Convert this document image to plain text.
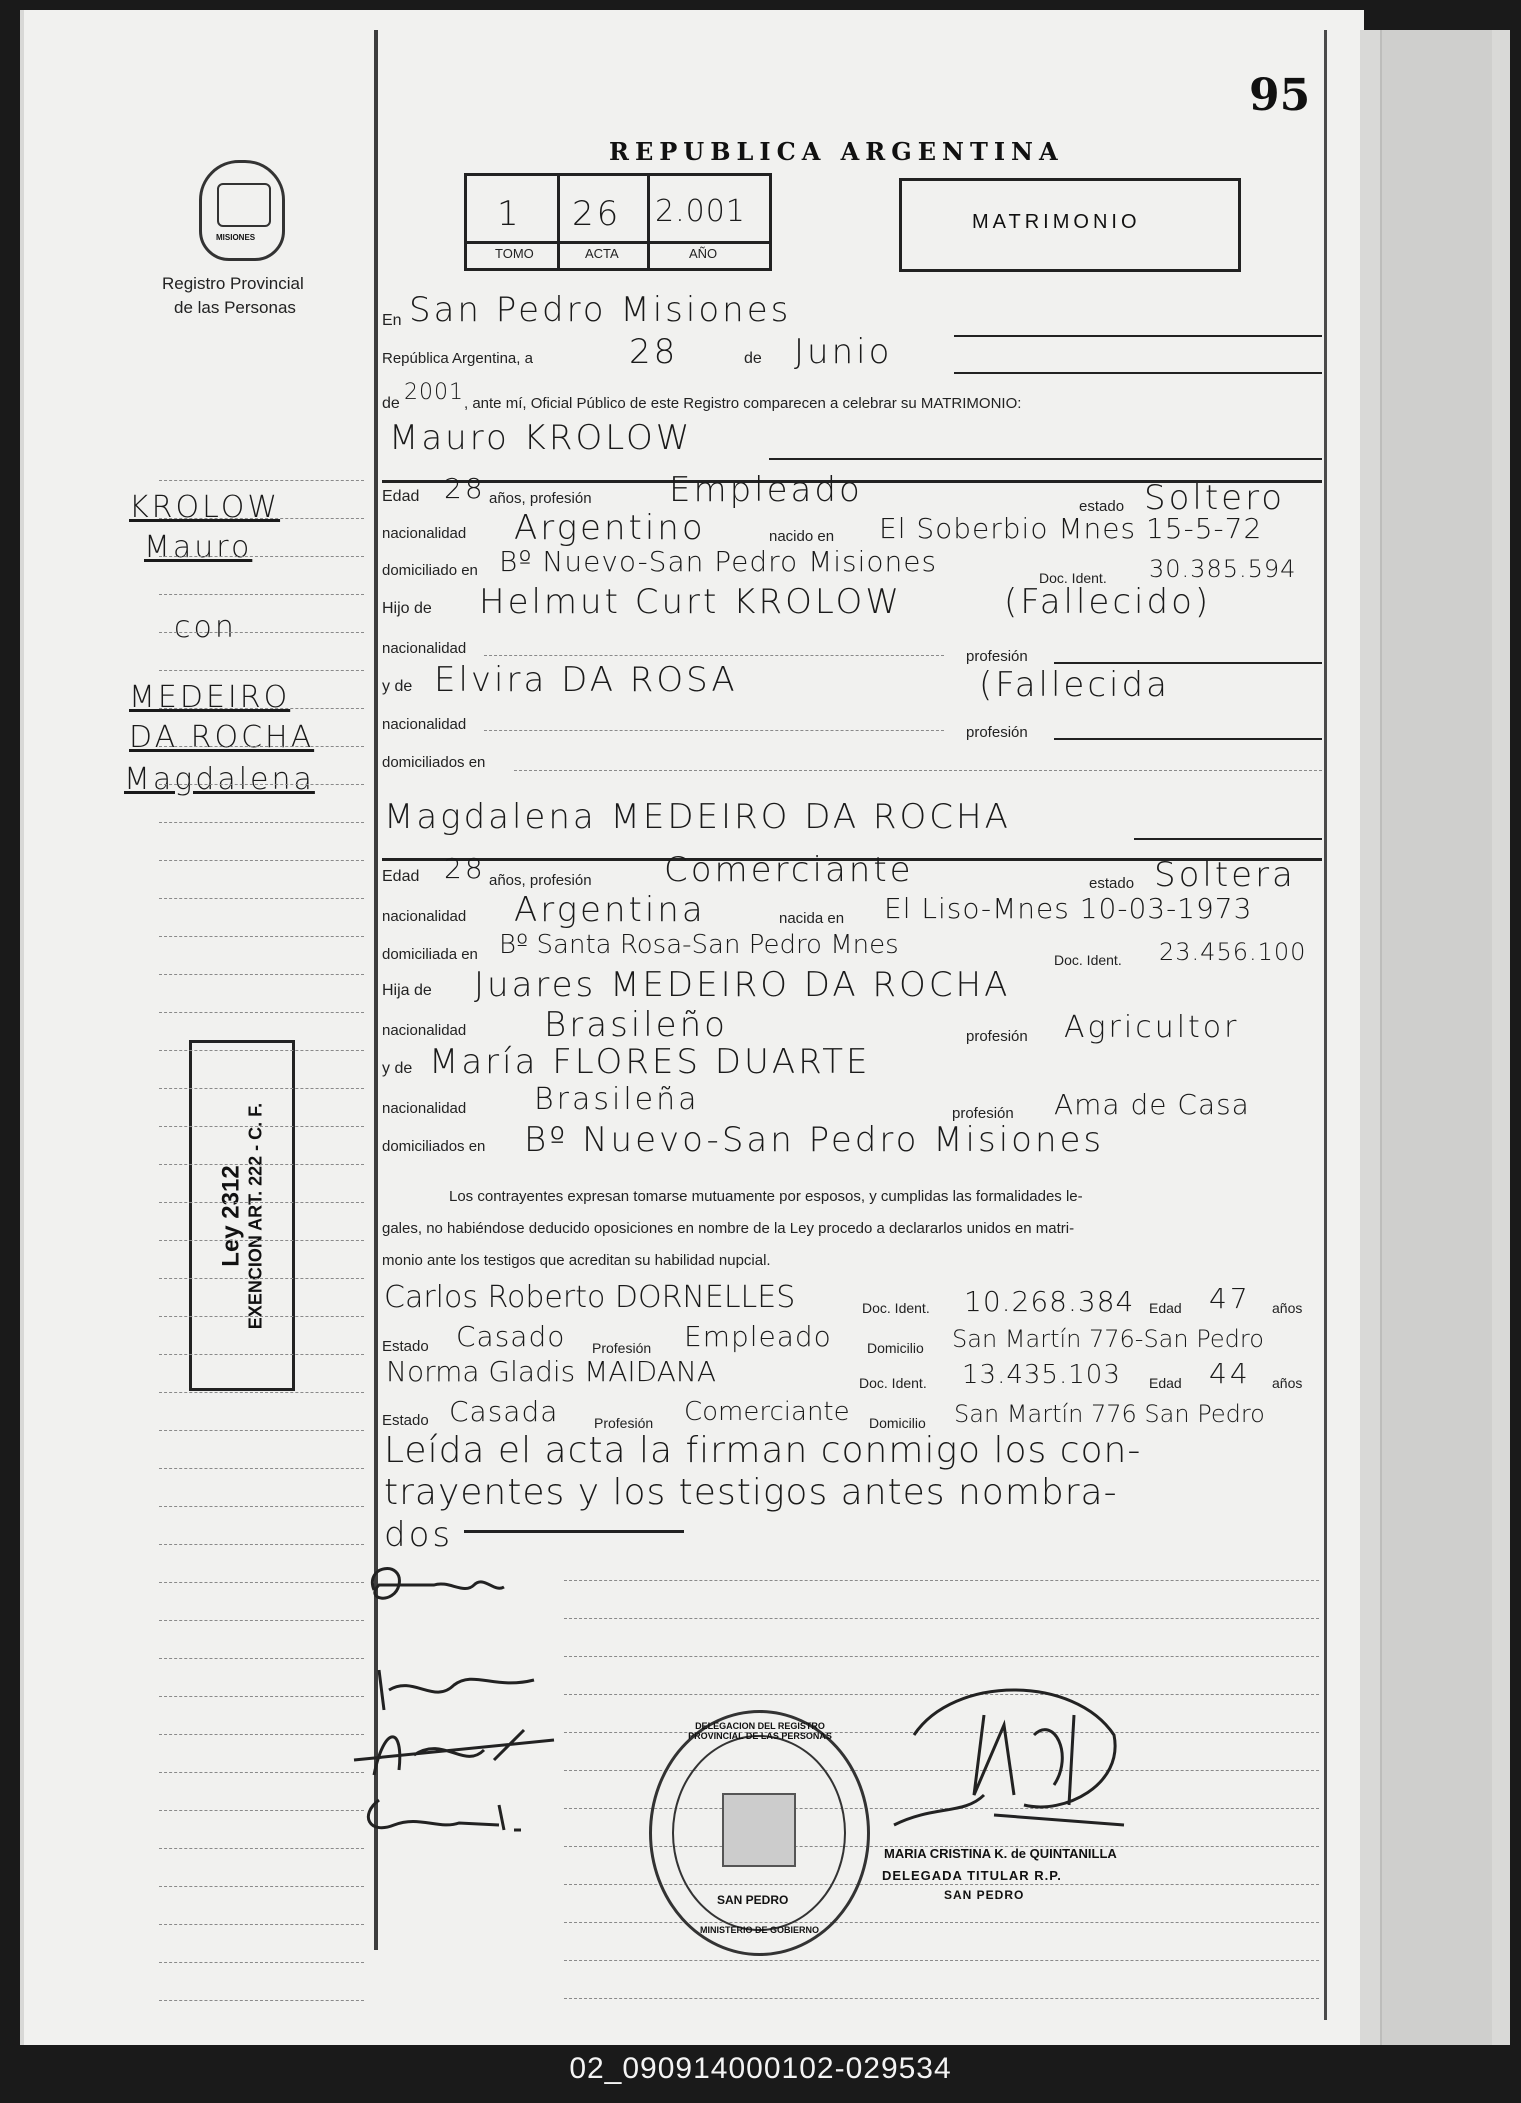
95
REPUBLICA ARGENTINA
1
TOMO
26
ACTA
2.001
AÑO
MATRIMONIO
MISIONES
Registro Provincial
de las Personas
KROLOW
Mauro
con
MEDEIRO
DA ROCHA
Magdalena
Ley 2312 EXENCION ART. 222 - C. F.
En San Pedro Misiones
República Argentina, a	28	de Junio
de 2001 , ante mí, Oficial Público de este Registro comparecen a celebrar su MATRIMONIO:
Mauro KROLOW
Edad 28 años, profesión Empleado	estado Soltero
nacionalidad Argentino	nacido en El Soberbio Mnes 15-5-72
domiciliado en Bº Nuevo-San Pedro Misiones	Doc. Ident. 30.385.594
Hijo de Helmut Curt KROLOW	(Fallecido)
nacionalidad	profesión
y de Elvira DA ROSA	(Fallecida
nacionalidad	profesión
domiciliados en
Magdalena MEDEIRO DA ROCHA
Edad 28 años, profesión Comerciante	estado Soltera
nacionalidad Argentina	nacida en El Liso-Mnes 10-03-1973
domiciliada en Bº Santa Rosa-San Pedro Mnes	Doc. Ident. 23.456.100
Hija de Juares MEDEIRO DA ROCHA
nacionalidad Brasileño	profesión Agricultor
y de María FLORES DUARTE
nacionalidad Brasileña	profesión Ama de Casa
domiciliados en Bº Nuevo-San Pedro Misiones
Los contrayentes expresan tomarse mutuamente por esposos, y cumplidas las formalidades le-
gales, no habiéndose deducido oposiciones en nombre de la Ley procedo a declararlos unidos en matri-
monio ante los testigos que acreditan su habilidad nupcial.
Carlos Roberto DORNELLES	Doc. Ident. 10.268.384 Edad 47 años
Estado Casado Profesión Empleado	Domicilio San Martín 776-San Pedro
Norma Gladis MAIDANA	Doc. Ident. 13.435.103 Edad 44 años
Estado Casada	Profesión Comerciante Domicilio San Martín 776 San Pedro
Leída el acta la firman conmigo los con-
trayentes y los testigos antes nombra-
dos
DELEGACION DEL REGISTRO PROVINCIAL DE LAS PERSONAS
SAN PEDRO
MINISTERIO DE GOBIERNO
MARIA CRISTINA K. de QUINTANILLA
DELEGADA TITULAR R.P.
SAN PEDRO
02_090914000102-029534
